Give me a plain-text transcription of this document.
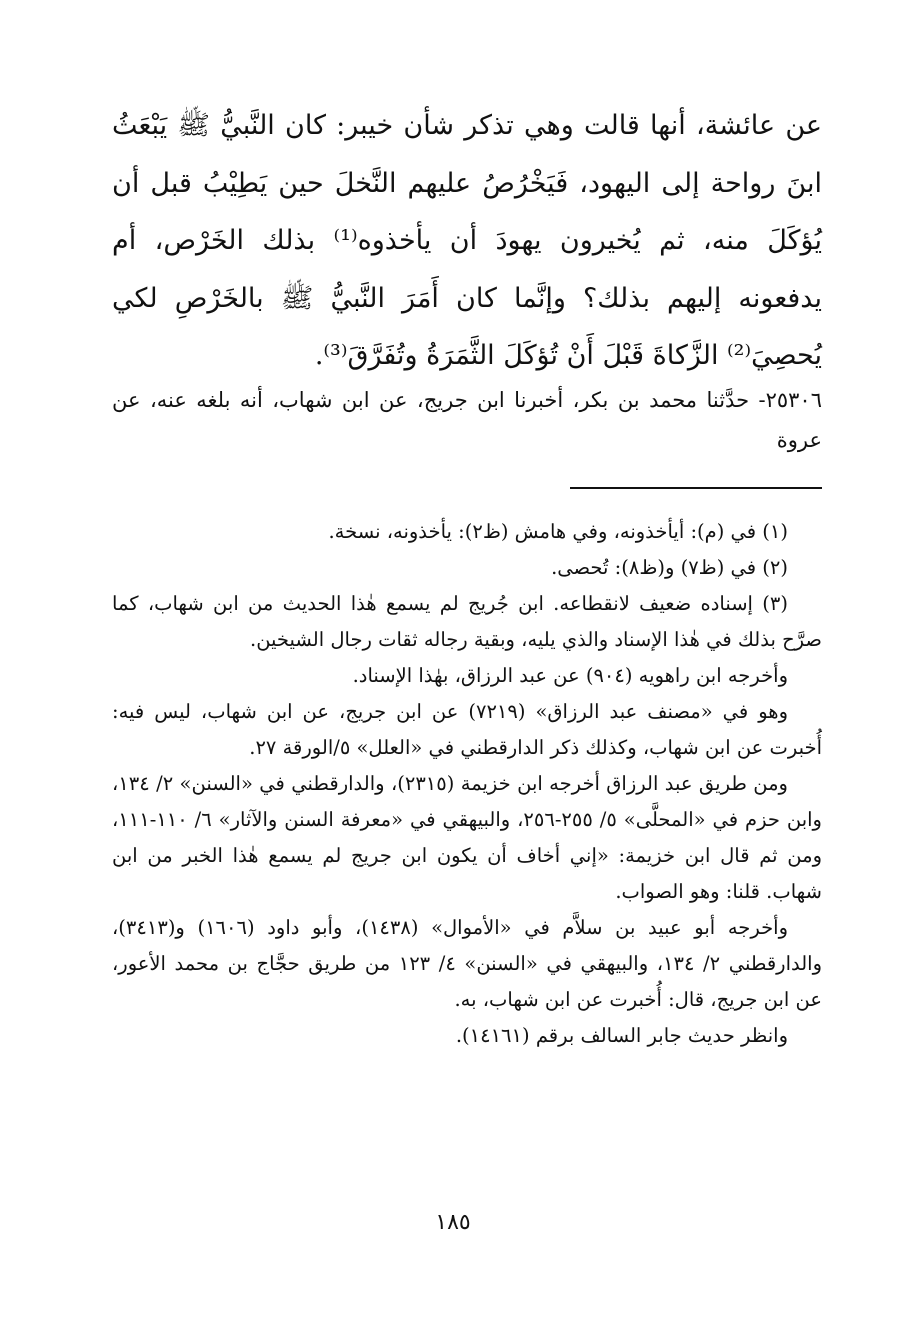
عن عائشة، أنها قالت وهي تذكر شأن خيبر: كان النَّبيُّ ﷺ يَبْعَثُ ابنَ رواحة إلى اليهود، فَيَخْرُصُ عليهم النَّخلَ حين يَطِيْبُ قبل أن يُؤكَلَ منه، ثم يُخيرون يهودَ أن يأخذوه⁽¹⁾ بذلك الخَرْص، أم يدفعونه إليهم بذلك؟ وإنَّما كان أَمَرَ النَّبيُّ ﷺ بالخَرْصِ لكي يُحصِيَ⁽²⁾ الزَّكاةَ قَبْلَ أَنْ تُؤكَلَ الثَّمَرَةُ وتُفَرَّقَ⁽³⁾.
٢٥٣٠٦- حدَّثنا محمد بن بكر، أخبرنا ابن جريج، عن ابن شهاب، أنه بلغه عنه، عن عروة

(١) في (م): أيأخذونه، وفي هامش (ظ٢): يأخذونه، نسخة.

(٢) في (ظ٧) و(ظ٨): تُحصى.

(٣) إسناده ضعيف لانقطاعه. ابن جُريج لم يسمع هٰذا الحديث من ابن شهاب، كما صرَّح بذلك في هٰذا الإسناد والذي يليه، وبقية رجاله ثقات رجال الشيخين.

وأخرجه ابن راهويه (٩٠٤) عن عبد الرزاق، بهٰذا الإسناد.

وهو في «مصنف عبد الرزاق» (٧٢١٩) عن ابن جريج، عن ابن شهاب، ليس فيه: أُخبرت عن ابن شهاب، وكذلك ذكر الدارقطني في «العلل» ٥/الورقة ٢٧.

ومن طريق عبد الرزاق أخرجه ابن خزيمة (٢٣١٥)، والدارقطني في «السنن» ٢/ ١٣٤، وابن حزم في «المحلَّى» ٥/ ٢٥٥-٢٥٦، والبيهقي في «معرفة السنن والآثار» ٦/ ١١٠-١١١، ومن ثم قال ابن خزيمة: «إني أخاف أن يكون ابن جريج لم يسمع هٰذا الخبر من ابن شهاب. قلنا: وهو الصواب.

وأخرجه أبو عبيد بن سلاَّم في «الأموال» (١٤٣٨)، وأبو داود (١٦٠٦) و(٣٤١٣)، والدارقطني ٢/ ١٣٤، والبيهقي في «السنن» ٤/ ١٢٣ من طريق حجَّاج بن محمد الأعور، عن ابن جريج، قال: أُخبرت عن ابن شهاب، به.

وانظر حديث جابر السالف برقم (١٤١٦١).

١٨٥
